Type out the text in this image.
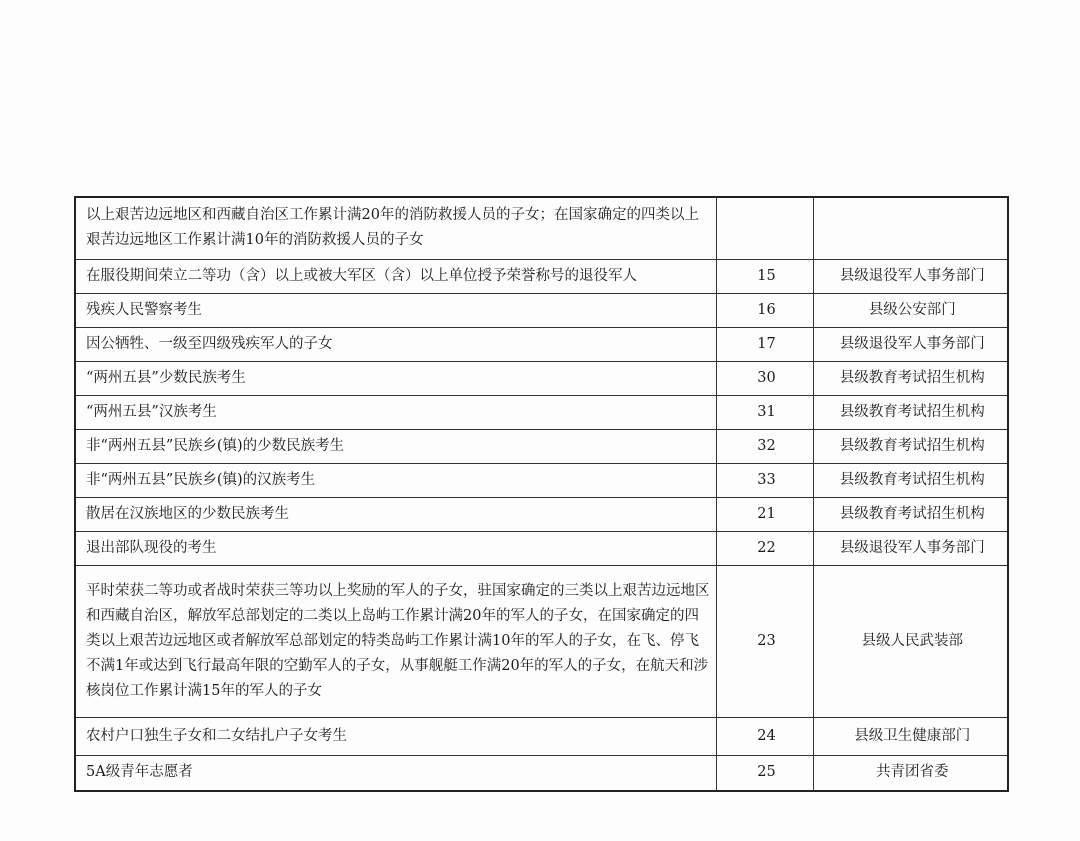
以上艰苦边远地区和西藏自治区工作累计满20年的消防救援人员的子女；在国家确定的四类以上艰苦边远地区工作累计满10年的消防救援人员的子女		
在服役期间荣立二等功（含）以上或被大军区（含）以上单位授予荣誉称号的退役军人	15	县级退役军人事务部门
残疾人民警察考生	16	县级公安部门
因公牺牲、一级至四级残疾军人的子女	17	县级退役军人事务部门
“两州五县”少数民族考生	30	县级教育考试招生机构
“两州五县”汉族考生	31	县级教育考试招生机构
非“两州五县”民族乡(镇)的少数民族考生	32	县级教育考试招生机构
非“两州五县”民族乡(镇)的汉族考生	33	县级教育考试招生机构
散居在汉族地区的少数民族考生	21	县级教育考试招生机构
退出部队现役的考生	22	县级退役军人事务部门
平时荣获二等功或者战时荣获三等功以上奖励的军人的子女，驻国家确定的三类以上艰苦边远地区和西藏自治区，解放军总部划定的二类以上岛屿工作累计满20年的军人的子女，在国家确定的四类以上艰苦边远地区或者解放军总部划定的特类岛屿工作累计满10年的军人的子女，在飞、停飞不满1年或达到飞行最高年限的空勤军人的子女，从事舰艇工作满20年的军人的子女，在航天和涉核岗位工作累计满15年的军人的子女	23	县级人民武装部
农村户口独生子女和二女结扎户子女考生	24	县级卫生健康部门
5A级青年志愿者	25	共青团省委
